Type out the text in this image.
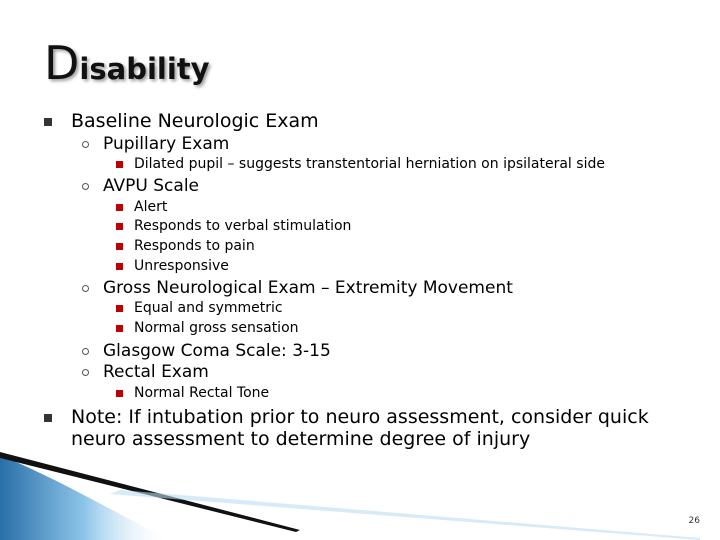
Disability
Baseline Neurologic Exam
Pupillary Exam
Dilated pupil – suggests transtentorial herniation on ipsilateral side
AVPU Scale
Alert
Responds to verbal stimulation
Responds to pain
Unresponsive
Gross Neurological Exam – Extremity Movement
Equal and symmetric
Normal gross sensation
Glasgow Coma Scale: 3-15
Rectal Exam
Normal Rectal Tone
Note: If intubation prior to neuro assessment, consider quick
neuro assessment to determine degree of injury
26
